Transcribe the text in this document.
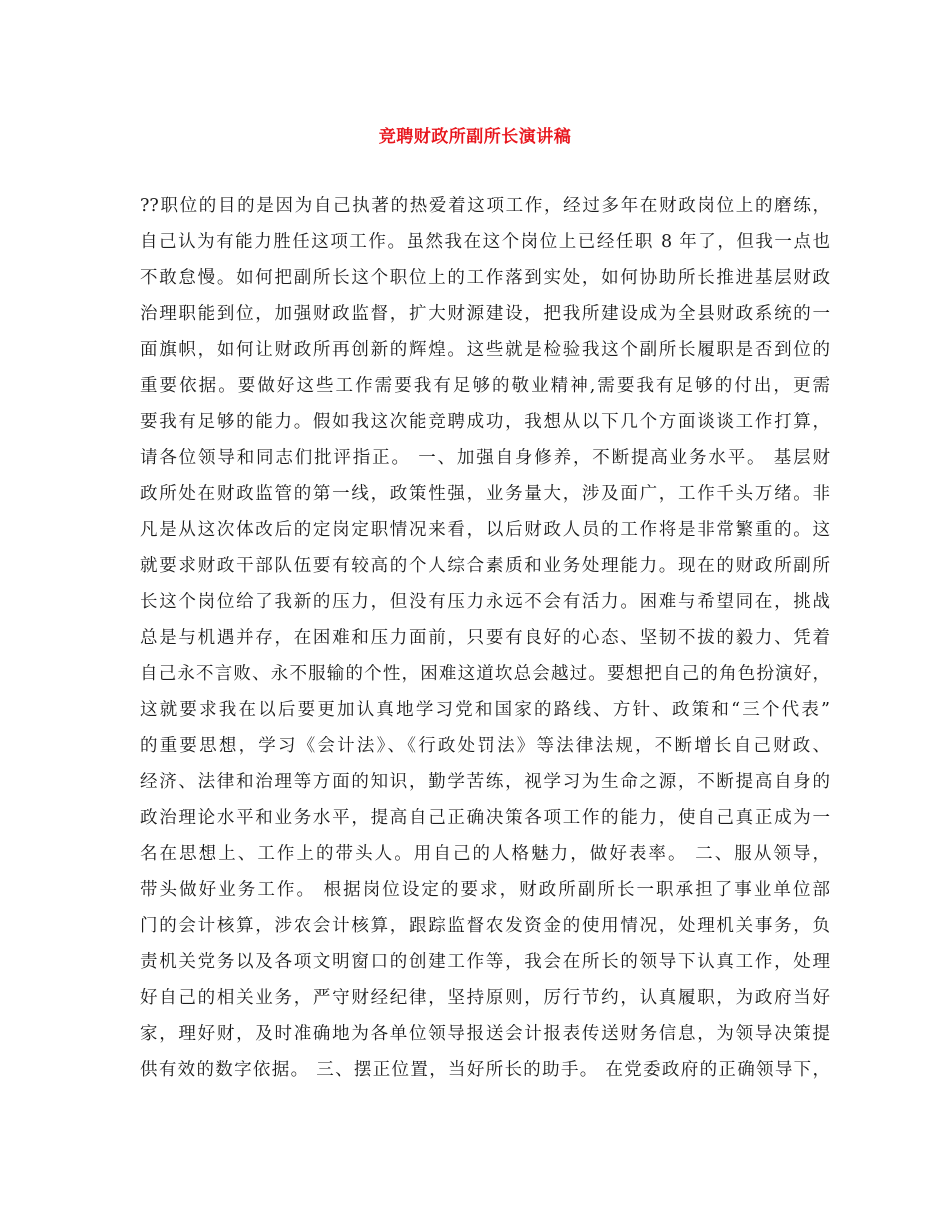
竞聘财政所副所长演讲稿
??职位的目的是因为自己执著的热爱着这项工作，经过多年在财政岗位上的磨练，
自己认为有能力胜任这项工作。虽然我在这个岗位上已经任职 8 年了，但我一点也
不敢怠慢。如何把副所长这个职位上的工作落到实处，如何协助所长推进基层财政
治理职能到位，加强财政监督，扩大财源建设，把我所建设成为全县财政系统的一
面旗帜，如何让财政所再创新的辉煌。这些就是检验我这个副所长履职是否到位的
重要依据。要做好这些工作需要我有足够的敬业精神,需要我有足够的付出，更需
要我有足够的能力。假如我这次能竞聘成功，我想从以下几个方面谈谈工作打算，
请各位领导和同志们批评指正。 一、加强自身修养，不断提高业务水平。 基层财
政所处在财政监管的第一线，政策性强，业务量大，涉及面广，工作千头万绪。非
凡是从这次体改后的定岗定职情况来看，以后财政人员的工作将是非常繁重的。这
就要求财政干部队伍要有较高的个人综合素质和业务处理能力。现在的财政所副所
长这个岗位给了我新的压力，但没有压力永远不会有活力。困难与希望同在，挑战
总是与机遇并存，在困难和压力面前，只要有良好的心态、坚韧不拔的毅力、凭着
自己永不言败、永不服输的个性，困难这道坎总会越过。要想把自己的角色扮演好，
这就要求我在以后要更加认真地学习党和国家的路线、方针、政策和“三个代表”
的重要思想，学习《会计法》、《行政处罚法》等法律法规，不断增长自己财政、
经济、法律和治理等方面的知识，勤学苦练，视学习为生命之源，不断提高自身的
政治理论水平和业务水平，提高自己正确决策各项工作的能力，使自己真正成为一
名在思想上、工作上的带头人。用自己的人格魅力，做好表率。 二、服从领导，
带头做好业务工作。 根据岗位设定的要求，财政所副所长一职承担了事业单位部
门的会计核算，涉农会计核算，跟踪监督农发资金的使用情况，处理机关事务，负
责机关党务以及各项文明窗口的创建工作等，我会在所长的领导下认真工作，处理
好自己的相关业务，严守财经纪律，坚持原则，厉行节约，认真履职，为政府当好
家，理好财，及时准确地为各单位领导报送会计报表传送财务信息，为领导决策提
供有效的数字依据。 三、摆正位置，当好所长的助手。 在党委政府的正确领导下，
